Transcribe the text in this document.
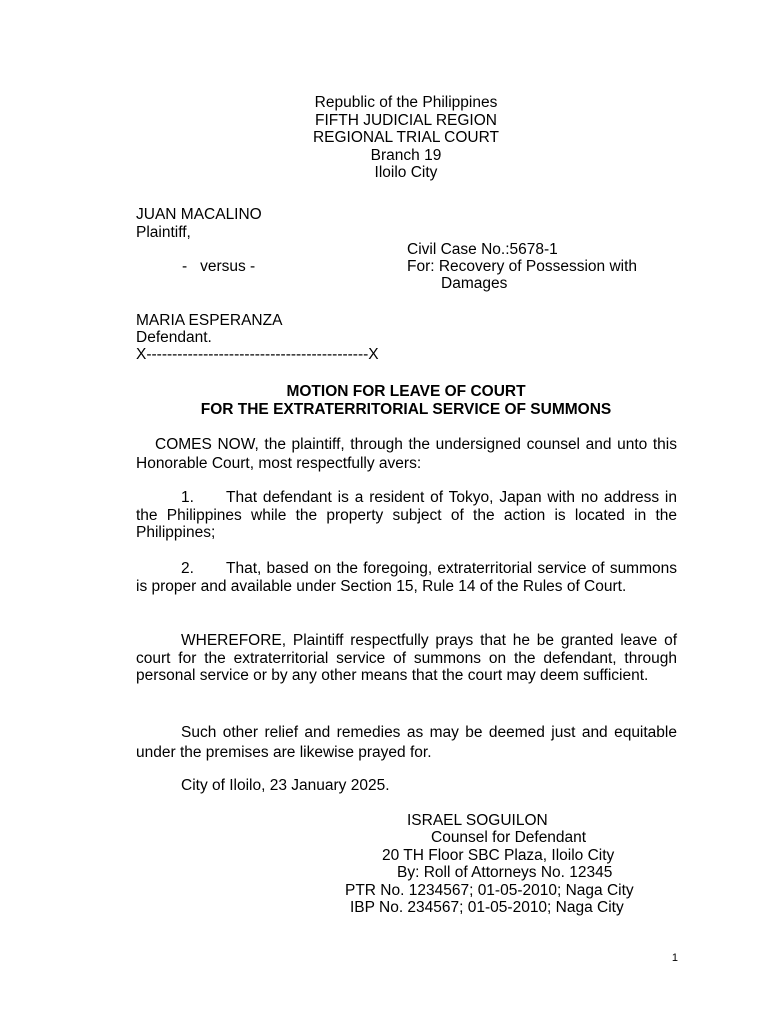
Republic of the Philippines
FIFTH JUDICIAL REGION
REGIONAL TRIAL COURT
Branch 19
Iloilo City
JUAN MACALINO
Plaintiff,
Civil Case No.:5678-1
-   versus -	For: Recovery of Possession with
Damages
MARIA ESPERANZA
Defendant.
X-------------------------------------------X
MOTION FOR LEAVE OF COURT
FOR THE EXTRATERRITORIAL SERVICE OF SUMMONS
COMES NOW, the plaintiff, through the undersigned counsel and unto this Honorable Court, most respectfully avers:
1. That defendant is a resident of Tokyo, Japan with no address in the Philippines while the property subject of the action is located in the Philippines;
2. That, based on the foregoing, extraterritorial service of summons is proper and available under Section 15, Rule 14 of the Rules of Court.
WHEREFORE, Plaintiff respectfully prays that he be granted leave of court for the extraterritorial service of summons on the defendant, through personal service or by any other means that the court may deem sufficient.
Such other relief and remedies as may be deemed just and equitable under the premises are likewise prayed for.
City of Iloilo, 23 January 2025.
ISRAEL SOGUILON
Counsel for Defendant
20 TH Floor SBC Plaza, Iloilo City
By: Roll of Attorneys No. 12345
PTR No. 1234567; 01-05-2010; Naga City
IBP No. 234567; 01-05-2010; Naga City
1
